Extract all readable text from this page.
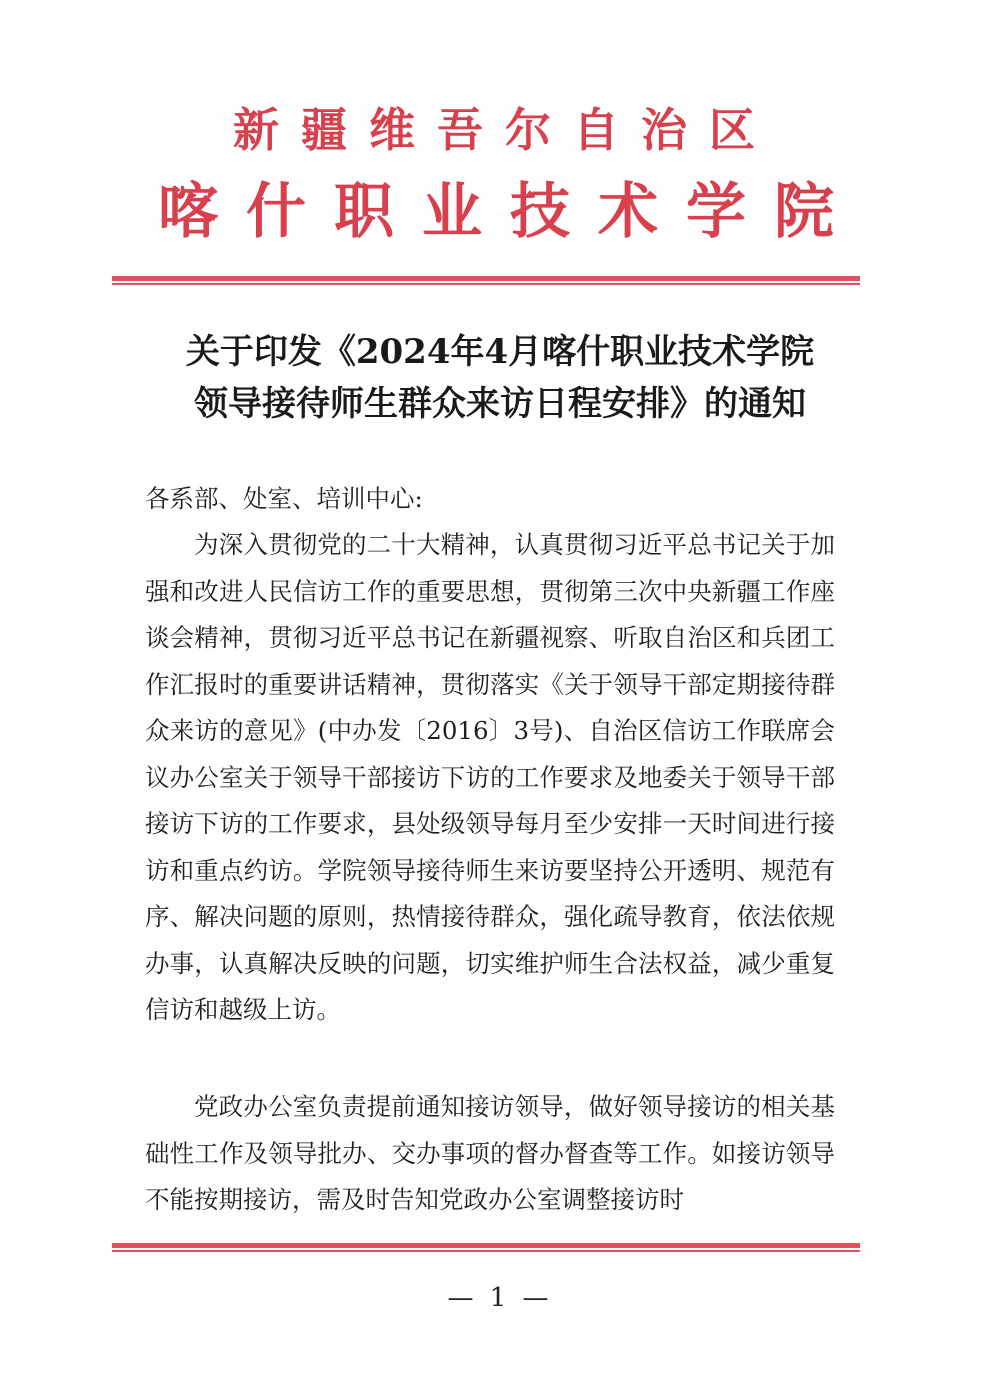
新疆维吾尔自治区
喀什职业技术学院
关于印发《2024年4月喀什职业技术学院
领导接待师生群众来访日程安排》的通知
各系部、处室、培训中心:
为深入贯彻党的二十大精神，认真贯彻习近平总书记关于加强和改进人民信访工作的重要思想，贯彻第三次中央新疆工作座谈会精神，贯彻习近平总书记在新疆视察、听取自治区和兵团工作汇报时的重要讲话精神，贯彻落实《关于领导干部定期接待群众来访的意见》(中办发〔2016〕3号)、自治区信访工作联席会议办公室关于领导干部接访下访的工作要求及地委关于领导干部接访下访的工作要求，县处级领导每月至少安排一天时间进行接访和重点约访。学院领导接待师生来访要坚持公开透明、规范有序、解决问题的原则，热情接待群众，强化疏导教育，依法依规办事，认真解决反映的问题，切实维护师生合法权益，减少重复信访和越级上访。
党政办公室负责提前通知接访领导，做好领导接访的相关基础性工作及领导批办、交办事项的督办督查等工作。如接访领导不能按期接访，需及时告知党政办公室调整接访时
— 1 —
